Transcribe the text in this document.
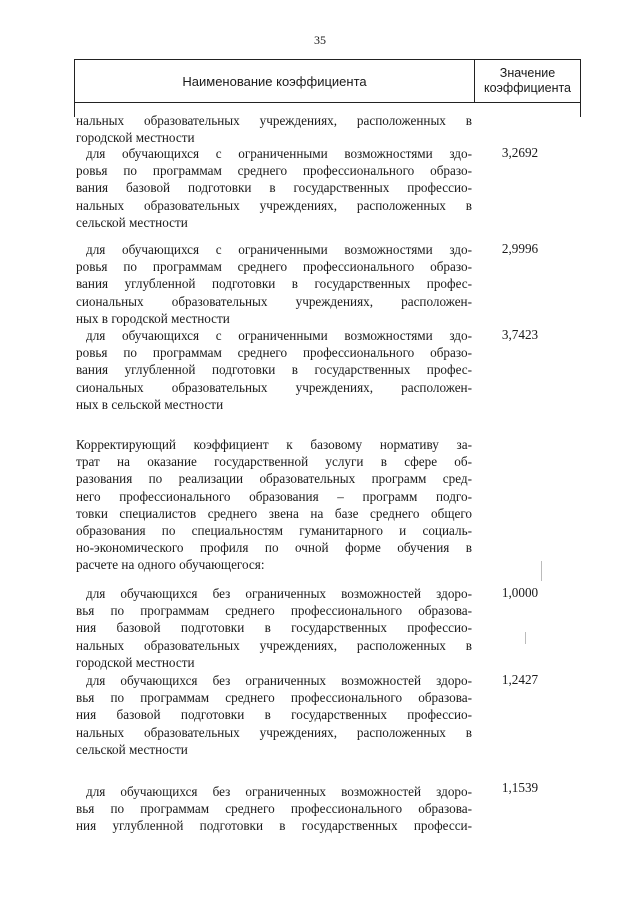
35
Наименование коэффициента
Значение
коэффициента
нальных образовательных учреждениях, расположенных в
городской местности
для обучающихся с ограниченными возможностями здо-
ровья по программам среднего профессионального образо-
вания базовой подготовки в государственных профессио-
нальных образовательных учреждениях, расположенных в
сельской местности
3,2692
для обучающихся с ограниченными возможностями здо-
ровья по программам среднего профессионального образо-
вания углубленной подготовки в государственных профес-
сиональных образовательных учреждениях, расположен-
ных в городской местности
2,9996
для обучающихся с ограниченными возможностями здо-
ровья по программам среднего профессионального образо-
вания углубленной подготовки в государственных профес-
сиональных образовательных учреждениях, расположен-
ных в сельской местности
3,7423
Корректирующий коэффициент к базовому нормативу за-
трат на оказание государственной услуги в сфере об-
разования по реализации образовательных программ сред-
него профессионального образования – программ подго-
товки специалистов среднего звена на базе среднего общего
образования по специальностям гуманитарного и социаль-
но-экономического профиля по очной форме обучения в
расчете на одного обучающегося:
для обучающихся без ограниченных возможностей здоро-
вья по программам среднего профессионального образова-
ния базовой подготовки в государственных профессио-
нальных образовательных учреждениях, расположенных в
городской местности
1,0000
для обучающихся без ограниченных возможностей здоро-
вья по программам среднего профессионального образова-
ния базовой подготовки в государственных профессио-
нальных образовательных учреждениях, расположенных в
сельской местности
1,2427
для обучающихся без ограниченных возможностей здоро-
вья по программам среднего профессионального образова-
ния углубленной подготовки в государственных професси-
1,1539
